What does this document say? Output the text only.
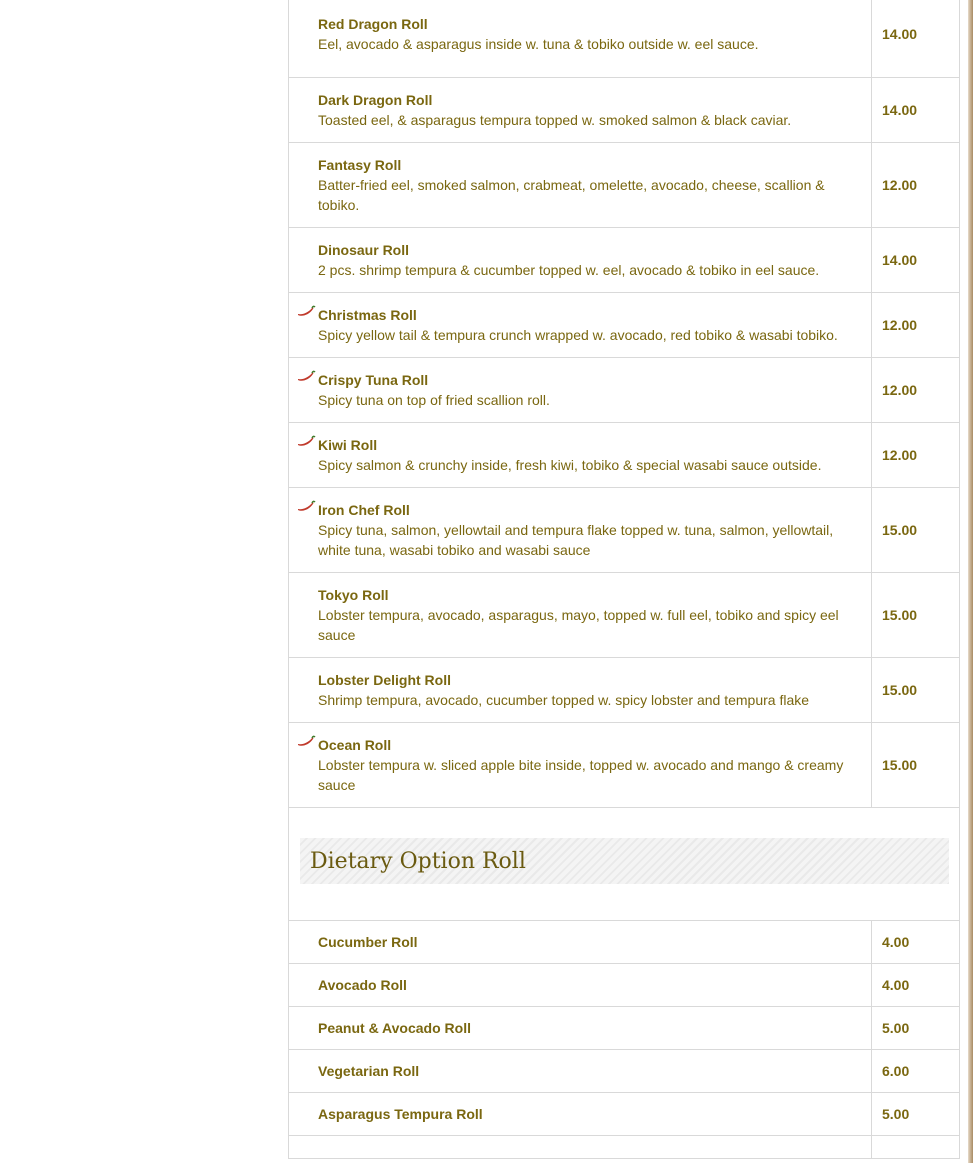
Red Dragon Roll
Eel, avocado & asparagus inside w. tuna & tobiko outside w. eel sauce.	14.00

Dark Dragon Roll
Toasted eel, & asparagus tempura topped w. smoked salmon & black caviar.	14.00

Fantasy Roll
Batter-fried eel, smoked salmon, crabmeat, omelette, avocado, cheese, scallion & tobiko.	12.00

Dinosaur Roll
2 pcs. shrimp tempura & cucumber topped w. eel, avocado & tobiko in eel sauce.	14.00

Christmas Roll
Spicy yellow tail & tempura crunch wrapped w. avocado, red tobiko & wasabi tobiko.	12.00

Crispy Tuna Roll
Spicy tuna on top of fried scallion roll.	12.00

Kiwi Roll
Spicy salmon & crunchy inside, fresh kiwi, tobiko & special wasabi sauce outside.	12.00

Iron Chef Roll
Spicy tuna, salmon, yellowtail and tempura flake topped w. tuna, salmon, yellowtail, white tuna, wasabi tobiko and wasabi sauce	15.00

Tokyo Roll
Lobster tempura, avocado, asparagus, mayo, topped w. full eel, tobiko and spicy eel sauce	15.00

Lobster Delight Roll
Shrimp tempura, avocado, cucumber topped w. spicy lobster and tempura flake	15.00

Ocean Roll
Lobster tempura w. sliced apple bite inside, topped w. avocado and mango & creamy sauce	15.00

Dietary Option Roll	

Cucumber Roll	4.00

Avocado Roll	4.00

Peanut & Avocado Roll	5.00

Vegetarian Roll	6.00

Asparagus Tempura Roll	5.00
